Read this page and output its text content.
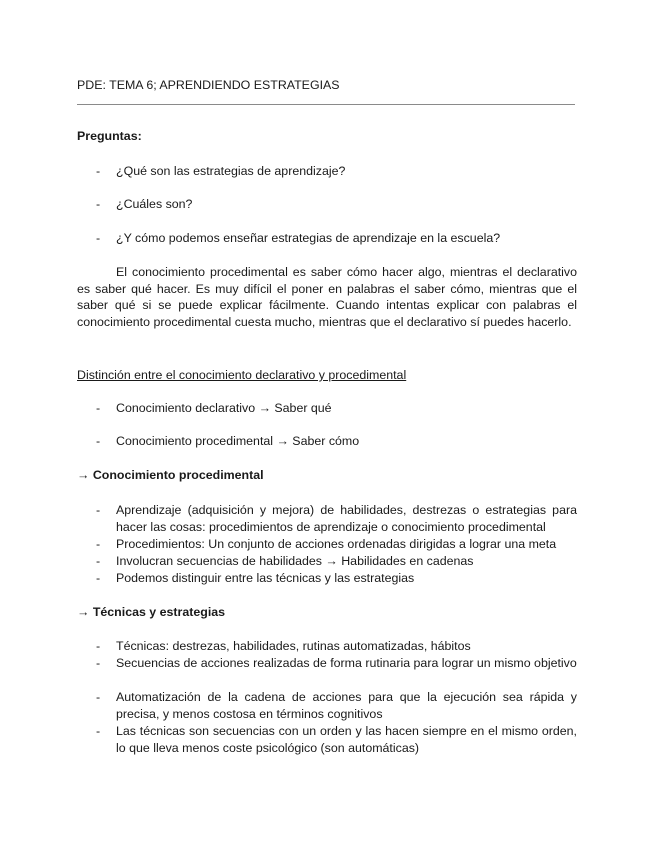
PDE: TEMA 6; APRENDIENDO ESTRATEGIAS
Preguntas:
- ¿Qué son las estrategias de aprendizaje?
- ¿Cuáles son?
- ¿Y cómo podemos enseñar estrategias de aprendizaje en la escuela?
El conocimiento procedimental es saber cómo hacer algo, mientras el declarativo es saber qué hacer. Es muy difícil el poner en palabras el saber cómo, mientras que el saber qué si se puede explicar fácilmente. Cuando intentas explicar con palabras el conocimiento procedimental cuesta mucho, mientras que el declarativo sí puedes hacerlo.
Distinción entre el conocimiento declarativo y procedimental
- Conocimiento declarativo → Saber qué
- Conocimiento procedimental → Saber cómo
→ Conocimiento procedimental
- Aprendizaje (adquisición y mejora) de habilidades, destrezas o estrategias para hacer las cosas: procedimientos de aprendizaje o conocimiento procedimental
- Procedimientos: Un conjunto de acciones ordenadas dirigidas a lograr una meta
- Involucran secuencias de habilidades → Habilidades en cadenas
- Podemos distinguir entre las técnicas y las estrategias
→ Técnicas y estrategias
- Técnicas: destrezas, habilidades, rutinas automatizadas, hábitos
- Secuencias de acciones realizadas de forma rutinaria para lograr un mismo objetivo
- Automatización de la cadena de acciones para que la ejecución sea rápida y precisa, y menos costosa en términos cognitivos
- Las técnicas son secuencias con un orden y las hacen siempre en el mismo orden, lo que lleva menos coste psicológico (son automáticas)
